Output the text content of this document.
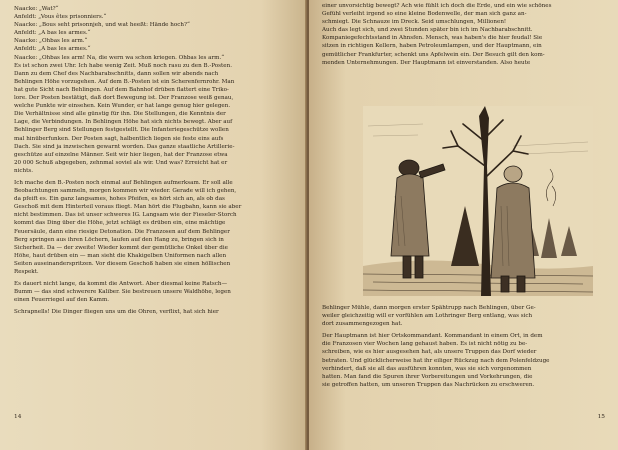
Naacke: „Wat?“
Anfeldt: „Vous êtes prisonniers.“
Naacke: „Bous seht prisonnjeh, und wat heeßt: Hände hoch?“
Anfeldt: „A bas les armes.“
Naacke: „Ohbas les arm.“
Anfeldt: „A bas les armes.“
Naacke: „Ohbas les arm! Na, die wern wa schon kriegen. Ohbas les arm.“
Es ist schon zwei Uhr. Ich habe wenig Zeit. Muß noch rasu zu den B.-Posten.
Dann zu dem Chef des Nachbarabschnitts, dann sollen wir abends nach
Behlingen Höhe vorzugehen. Auf dem B.-Posten ist ein Scherenfernrohr. Man
hat gute Sicht nach Behlingen. Auf dem Bahnhof drüben flattert eine Triko-
lore. Der Posten bestätigt, daß dort Bewegung ist. Der Franzose weiß genau,
welche Punkte wir einsehen. Kein Wunder, er hat lange genug hier gelegen.
Die Verhältnisse sind alle günstig für ihn. Die Stellungen, die Kenntnis der
Lage, die Verbindungen. In Behlingen Höhe hat sich nichts bewegt. Aber auf
Behlinger Berg sind Stellungen festgestellt. Die Infanteriegeschütze wollen
mal hinüberfunken. Der Posten sagt, halbentlich liegen sie feste eins aufs
Dach. Sie sind ja inzwischen gewarnt worden. Das ganze staatliche Artillerie-
geschütze auf einzelne Männer. Seit wir hier liegen, hat der Franzose etwa
20 000 Schuß abgegeben, zehnmal soviel als wir. Und was? Erreicht hat er
nichts.
Ich mache den B.-Posten noch einmal auf Behlingen aufmerksam. Er soll alle
Beobachtungen sammeln, morgen kommen wir wieder. Gerade will ich gehen,
da pfeift es. Ein ganz langsames, hohes Pfeifen, es hört sich an, als ob das
Geschoß mit dem Hinterteil voraus fliegt. Man hört die Flugbahn, kann sie aber
nicht bestimmen. Das ist unser schweres IG. Langsam wie der Fieseler-Storch
kommt das Ding über die Höhe, jetzt schlägt es drüben ein, eine mächtige
Feuersäule, dann eine riesige Detonation. Die Franzosen auf dem Behlinger
Berg springen aus ihren Löchern, laufen auf den Hang zu, bringen sich in
Sicherheit. Da — der zweite! Wieder kommt der gemütliche Onkel über die
Höhe, haut drüben ein — man sieht die Khakigelben Uniformen nach allen
Seiten auseinanderspritzen. Vor diesem Geschoß haben sie einen höllischen
Respekt.
Es dauert nicht lange, da kommt die Antwort. Aber diesmal keine Ratsch—
Bumm — das sind schwerere Kaliber. Sie bestreuen unsere Waldhöhe, legen
einen Feuerriegel auf den Kamm.
Schrapnells! Die Dinger fliegen uns um die Ohren, verflixt, hat sich hier
14
einer unvorsichtig bewegt? Ach wie fühlt ich doch die Erde, und ein wie schönes
Gefühl verleiht irgend so eine kleine Bodenwelle, der man sich ganz an-
schmiegt. Die Schnauze im Dreck. Seid umschlungen, Millionen!
Auch das legt sich, und zwei Stunden später bin ich im Nachbarabschnitt.
Kompaniegefechtsstand in Ahnsfen. Mensch, was haben's die hier feudal! Sie
sitzen in richtigen Kellern, haben Petroleumlampen, und der Hauptmann, ein
gemütlicher Frankfurter, schenkt uns Apfelwein ein. Der Besuch gilt den kom-
menden Unternehmungen. Der Hauptmann ist einverstanden. Also heute
Behlinger Mühle, dann morgen erster Spähtrupp nach Behlingen, über Ge-
weiler gleichzeitig will er vorfühlen am Lothringer Berg entlang, was sich
dort zusammengezogen hat.
Der Hauptmann ist hier Ortskommandant. Kommandant in einem Ort, in dem
die Franzosen vier Wochen lang gehaust haben. Es ist nicht nötig zu be-
schreiben, wie es hier ausgesehen hat, als unsere Truppen das Dorf wieder
betraten. Und glücklicherweise hat ihr eiliger Rückzug nach dem Polenfeldzuge
verhindert, daß sie all das ausführen konnten, was sie sich vorgenommen
hatten. Man fand die Spuren ihrer Vorbereitungen und Vorkehrungen, die
sie getroffen hatten, um unseren Truppen das Nachrücken zu erschweren.
15
